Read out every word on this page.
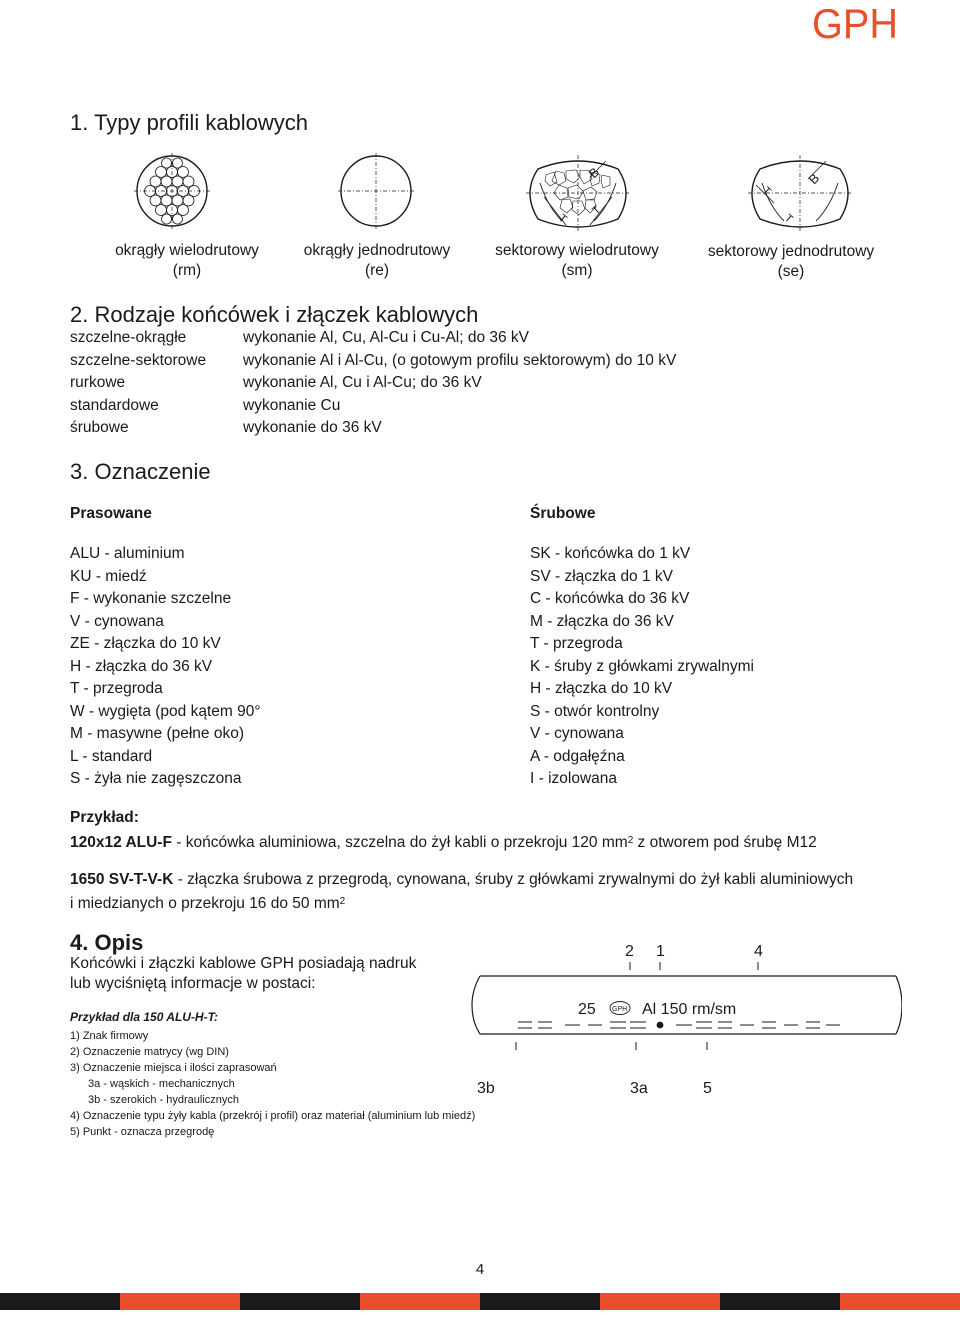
GPH
1. Typy profili kablowych
B
T
T
B
T
T
okrągły wielodrutowy
(rm)
okrągły jednodrutowy
(re)
sektorowy wielodrutowy
(sm)
sektorowy jednodrutowy
(se)
2. Rodzaje końcówek i złączek kablowych
szczelne-okrągłe	wykonanie Al, Cu, Al-Cu i Cu-Al; do 36 kV
szczelne-sektorowe wykonanie Al i Al-Cu, (o gotowym profilu sektorowym) do 10 kV
rurkowe	wykonanie Al, Cu i Al-Cu; do 36 kV
standardowe	wykonanie Cu
śrubowe	wykonanie do 36 kV
3. Oznaczenie
Prasowane	Śrubowe
ALU - aluminium
KU - miedź
F - wykonanie szczelne
V - cynowana
ZE - złączka do 10 kV
H - złączka do 36 kV
T - przegroda
W - wygięta (pod kątem 90°
M - masywne (pełne oko)
L - standard
S - żyła nie zagęszczona
SK - końcówka do 1 kV
SV - złączka do 1 kV
C - końcówka do 36 kV
M - złączka do 36 kV
T - przegroda
K - śruby z główkami zrywalnymi
H - złączka do 10 kV
S - otwór kontrolny
V - cynowana
A - odgałęźna
I - izolowana
Przykład:
120x12 ALU-F - końcówka aluminiowa, szczelna do żył kabli o przekroju 120 $mm^2$ z otworem pod śrubę M12
1650 SV-T-V-K - złączka śrubowa z przegrodą, cynowana, śruby z główkami zrywalnymi do żył kabli aluminiowych
i miedzianych o przekroju 16 do 50 $mm^2$
4. Opis
Końcówki i złączki kablowe GPH posiadają nadruk
lub wyciśniętą informacje w postaci:
Przykład dla 150 ALU-H-T:
1) Znak firmowy
2) Oznaczenie matrycy (wg DIN)
3) Oznaczenie miejsca i ilości zaprasowań
3a - wąskich - mechanicznych
3b - szerokich - hydraulicznych
4) Oznaczenie typu żyły kabla (przekrój i profil) oraz materiał (aluminium lub miedź)
5) Punkt - oznacza przegrodę
2 1	4
25 GPH Al 150 rm/sm
3b	3a	5
4
